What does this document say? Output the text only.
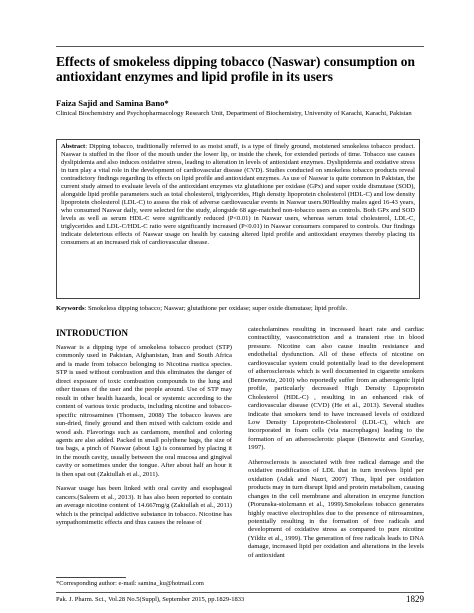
Effects of smokeless dipping tobacco (Naswar) consumption on antioxidant enzymes and lipid profile in its users
Faiza Sajid and Samina Bano*
Clinical Biochemistry and Psychopharmacology Research Unit, Department of Biochemistry, University of Karachi, Karachi, Pakistan
Abstract: Dipping tobacco, traditionally referred to as moist snuff, is a type of finely ground, moistened smokeless tobacco product. Naswar is stuffed in the floor of the mouth under the lower lip, or inside the cheek, for extended periods of time. Tobacco use causes dyslipidemia and also induces oxidative stress, leading to alteration in levels of antioxidant enzymes. Dyslipidemia and oxidative stress in turn play a vital role in the development of cardiovascular disease (CVD). Studies conducted on smokeless tobacco products reveal contradictory findings regarding its effects on lipid profile and antioxidant enzymes. As use of Naswar is quite common in Pakistan, the current study aimed to evaluate levels of the antioxidant enzymes viz glutathione per oxidase (GPx) and super oxide dismutase (SOD), alongside lipid profile parameters such as total cholesterol, triglycerides, High density lipoprotein cholesterol (HDL-C) and low density lipoprotein cholesterol (LDL-C) to assess the risk of adverse cardiovascular events in Naswar users.90Healthy males aged 16-43 years, who consumed Naswar daily, were selected for the study, alongside 68 age-matched non-tobacco users as controls. Both GPx and SOD levels as well as serum HDL-C were significantly reduced (P<0.01) in Naswar users, whereas serum total cholesterol, LDL-C, triglycerides and LDL-C/HDL-C ratio were significantly increased (P<0.01) in Naswar consumers compared to controls. Our findings indicate deleterious effects of Naswar usage on health by causing altered lipid profile and antioxidant enzymes thereby placing its consumers at an increased risk of cardiovascular disease.
Keywords: Smokeless dipping tobacco; Naswar; glutathione per oxidase; super oxide dismutase; lipid profile.
INTRODUCTION

Naswar is a dipping type of smokeless tobacco product (STP) commonly used in Pakistan, Afghanistan, Iran and South Africa and is made from tobacco belonging to Nicotina rustica species. STP is used without combustion and this eliminates the danger of direct exposure of toxic combustion compounds to the lung and other tissues of the user and the people around. Use of STP may result in other health hazards, local or systemic according to the content of various toxic products, including nicotine and tobacco-specific nitrosamines (Thomsen, 2008) The tobacco leaves are sun-dried, finely ground and then mixed with calcium oxide and wood ash. Flavorings such as cardamom, menthol and coloring agents are also added. Packed in small polythene bags, the size of tea bags, a pinch of Naswar (about 1g) is consumed by placing it in the mouth cavity, usually between the oral mucosa and gingival cavity or sometimes under the tongue. After about half an hour it is then spat out (Zakiullah et al., 2011).

Naswar usage has been linked with oral cavity and esophageal cancers.(Saleem et al., 2013). It has also been reported to contain an average nicotine content of 14.667mg/g (Zakiullah et al., 2011) which is the principal addictive substance in tobacco. Nicotine has sympathomimetic effects and thus causes the release of

catecholamines resulting in increased heart rate and cardiac contractility, vasoconstriction and a transient rise in blood pressure. Nicotine can also cause insulin resistance and endothelial dysfunction. All of these effects of nicotine on cardiovascular system could potentially lead to the development of atherosclerosis which is well documented in cigarette smokers (Benowitz, 2010) who reportedly suffer from an atherogenic lipid profile, particularly decreased High Density Lipoprotein Cholesterol (HDL-C) , resulting in an enhanced risk of cardiovascular disease (CVD) (He et al., 2013). Several studies indicate that smokers tend to have increased levels of oxidized Low Density Lipoprotein-Cholesterol (LDL-C), which are incorporated in foam cells (via macrophages) leading to the formation of an atherosclerotic plaque (Benowitz and Gourlay, 1997).

Atherosclerosis is associated with free radical damage and the oxidative modification of LDL that in turn involves lipid per oxidation (Adak and Nazri, 2007) Thus, lipid per oxidation products may in turn disrupt lipid and protein metabolism, causing changes in the cell membrane and alteration in enzyme function (Piorunska-stolzmann et al., 1999).Smokeless tobacco generates highly reactive electrophiles due to the presence of nitrosamines, potentially resulting in the formation of free radicals and development of oxidative stress as compared to pure nicotine (Yildiz et al., 1999). The generation of free radicals leads to DNA damage, increased lipid per oxidation and alterations in the levels of antioxidant

*Corresponding author: e-mail: samina_ku@hotmail.com
Pak. J. Pharm. Sci., Vol.28 No.5(Suppl), September 2015, pp.1829-1833	1829
